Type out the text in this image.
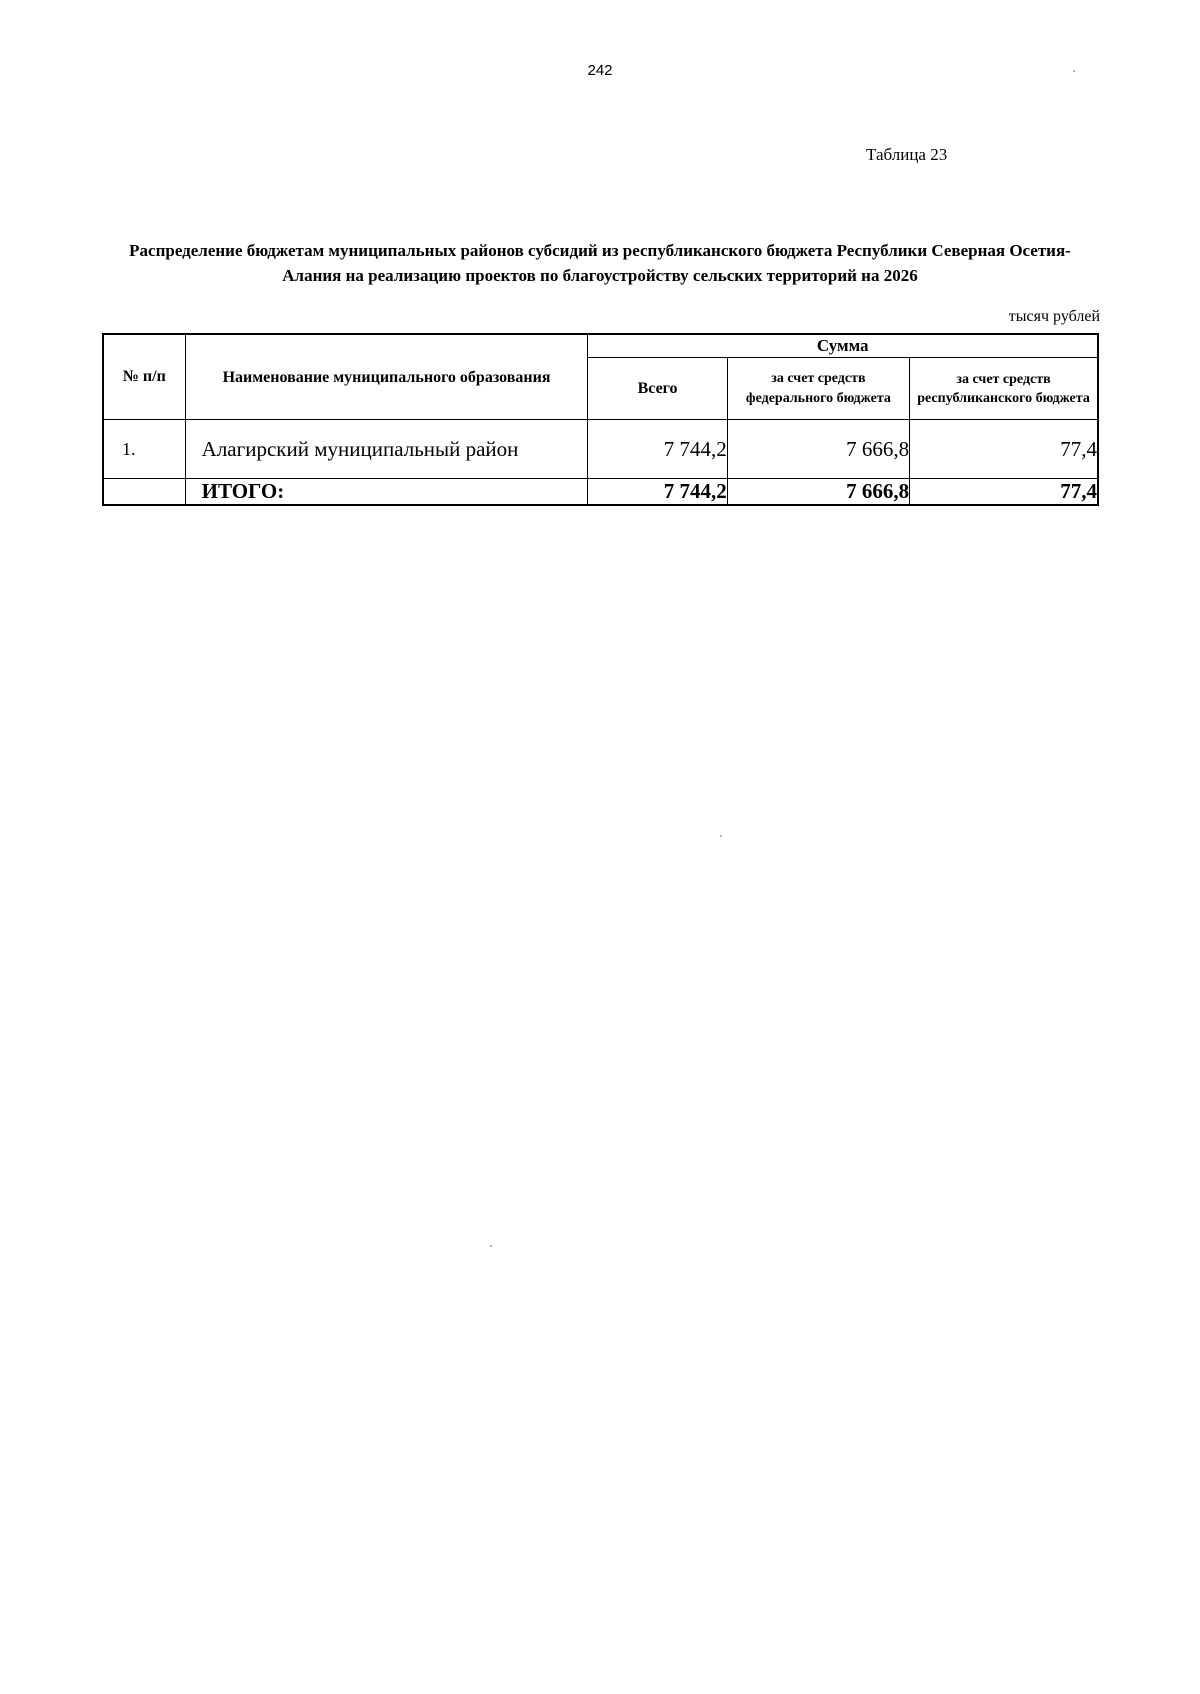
242
Таблица 23
Распределение бюджетам муниципальных районов субсидий из республиканского бюджета Республики Северная Осетия-Алания на реализацию проектов по благоустройству сельских территорий на 2026
тысяч рублей
№ п/п	Наименование муниципального образования	Сумма		
		Всего	за счет средств федерального бюджета	за счет средств республиканского бюджета
1.	Алагирский муниципальный район	7 744,2	7 666,8	77,4
	ИТОГО:	7 744,2	7 666,8	77,4
